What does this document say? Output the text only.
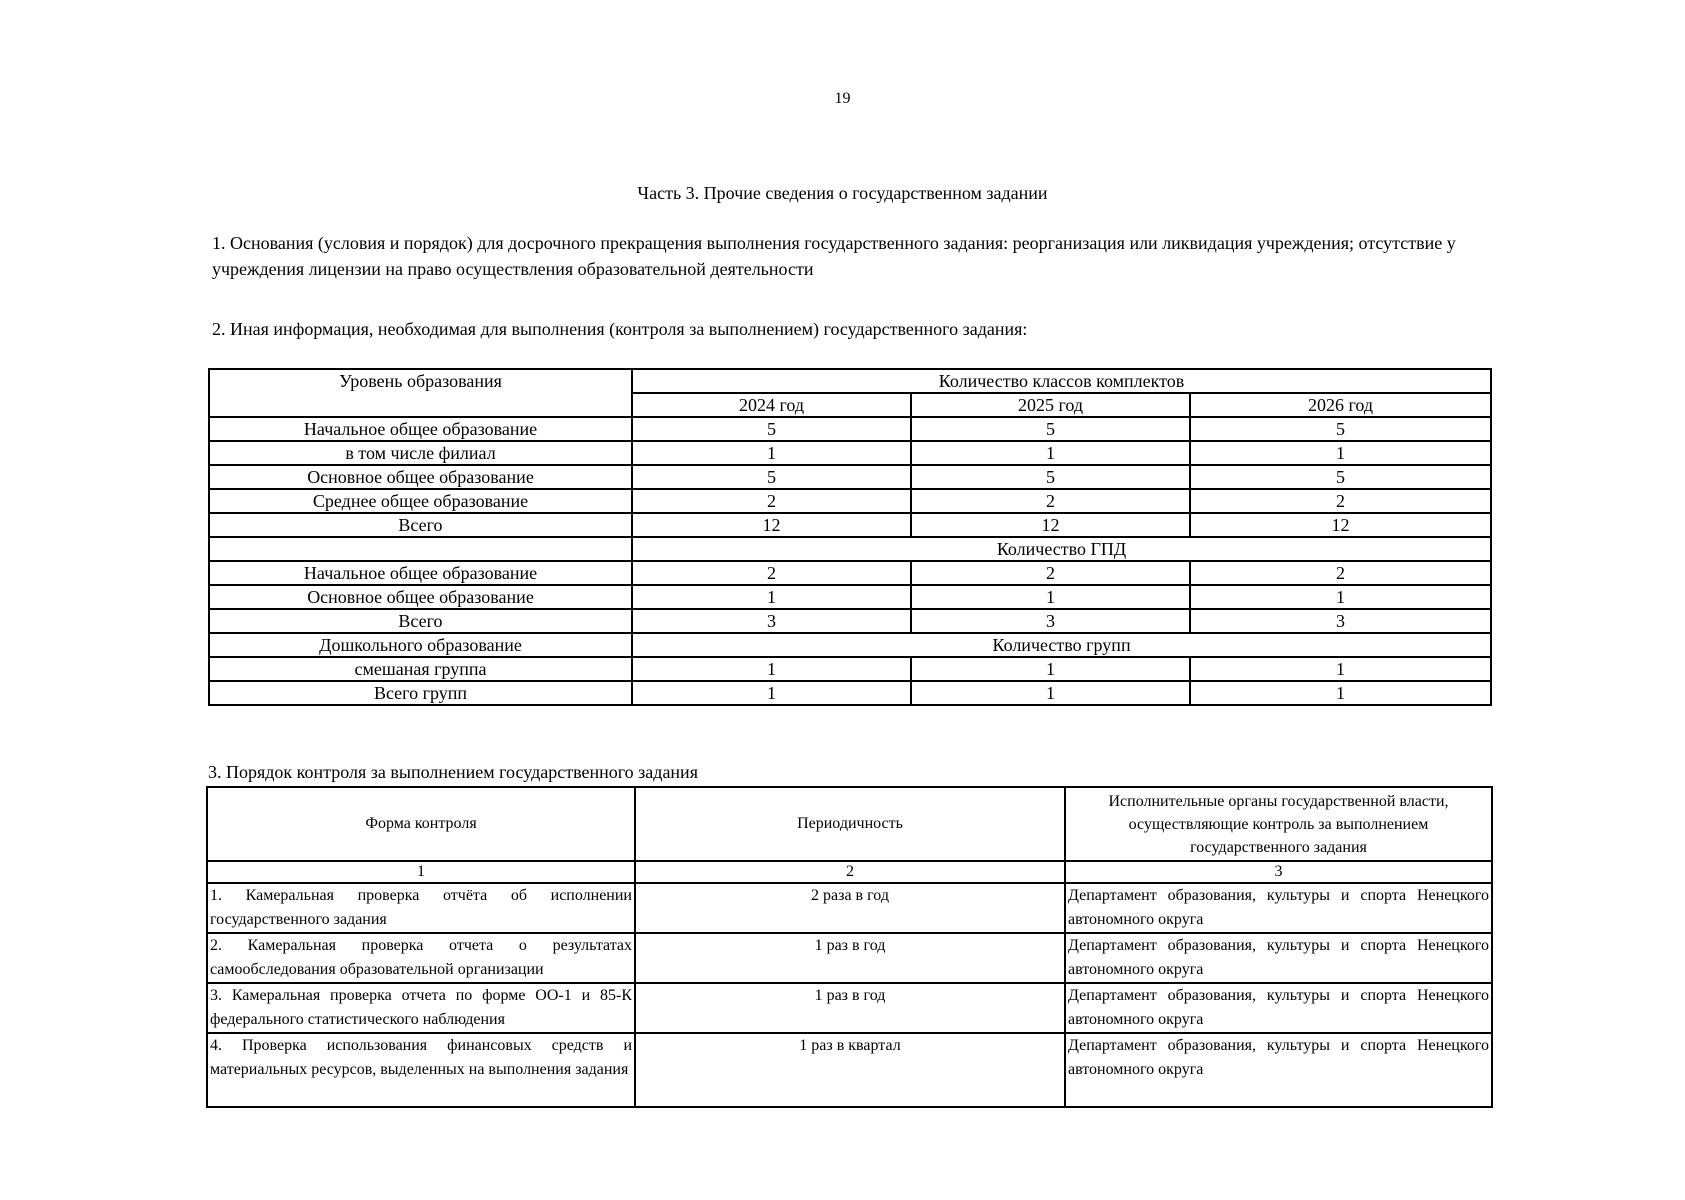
19
Часть 3. Прочие сведения о государственном задании
1. Основания (условия и порядок) для досрочного прекращения выполнения государственного задания: реорганизация или ликвидация учреждения; отсутствие у учреждения лицензии на право осуществления образовательной деятельности
2. Иная информация, необходимая для выполнения (контроля за выполнением) государственного задания:
Уровень образования	Количество классов комплектов		
	2024 год	2025 год	2026 год
Начальное общее образование	5	5	5
в том числе филиал	1	1	1
Основное общее образование	5	5	5
Среднее общее образование	2	2	2
Всего	12	12	12
	Количество ГПД		
Начальное общее образование	2	2	2
Основное общее образование	1	1	1
Всего	3	3	3
Дошкольного образование	Количество групп		
смешаная группа	1	1	1
Всего групп	1	1	1
3. Порядок контроля за выполнением государственного задания
Форма контроля	Периодичность	Исполнительные органы государственной власти, осуществляющие контроль за выполнением государственного задания
1	2	3
1. Камеральная проверка отчёта об исполнении государственного задания	2 раза в год	Департамент образования, культуры и спорта Ненецкого автономного округа
2. Камеральная проверка отчета о результатах самообследования образовательной организации	1 раз в год	Департамент образования, культуры и спорта Ненецкого автономного округа
3. Камеральная проверка отчета по форме ОО-1 и 85-К федерального статистического наблюдения	1 раз в год	Департамент образования, культуры и спорта Ненецкого автономного округа
4. Проверка использования финансовых средств и материальных ресурсов, выделенных на выполнения задания	1 раз в квартал	Департамент образования, культуры и спорта Ненецкого автономного округа
